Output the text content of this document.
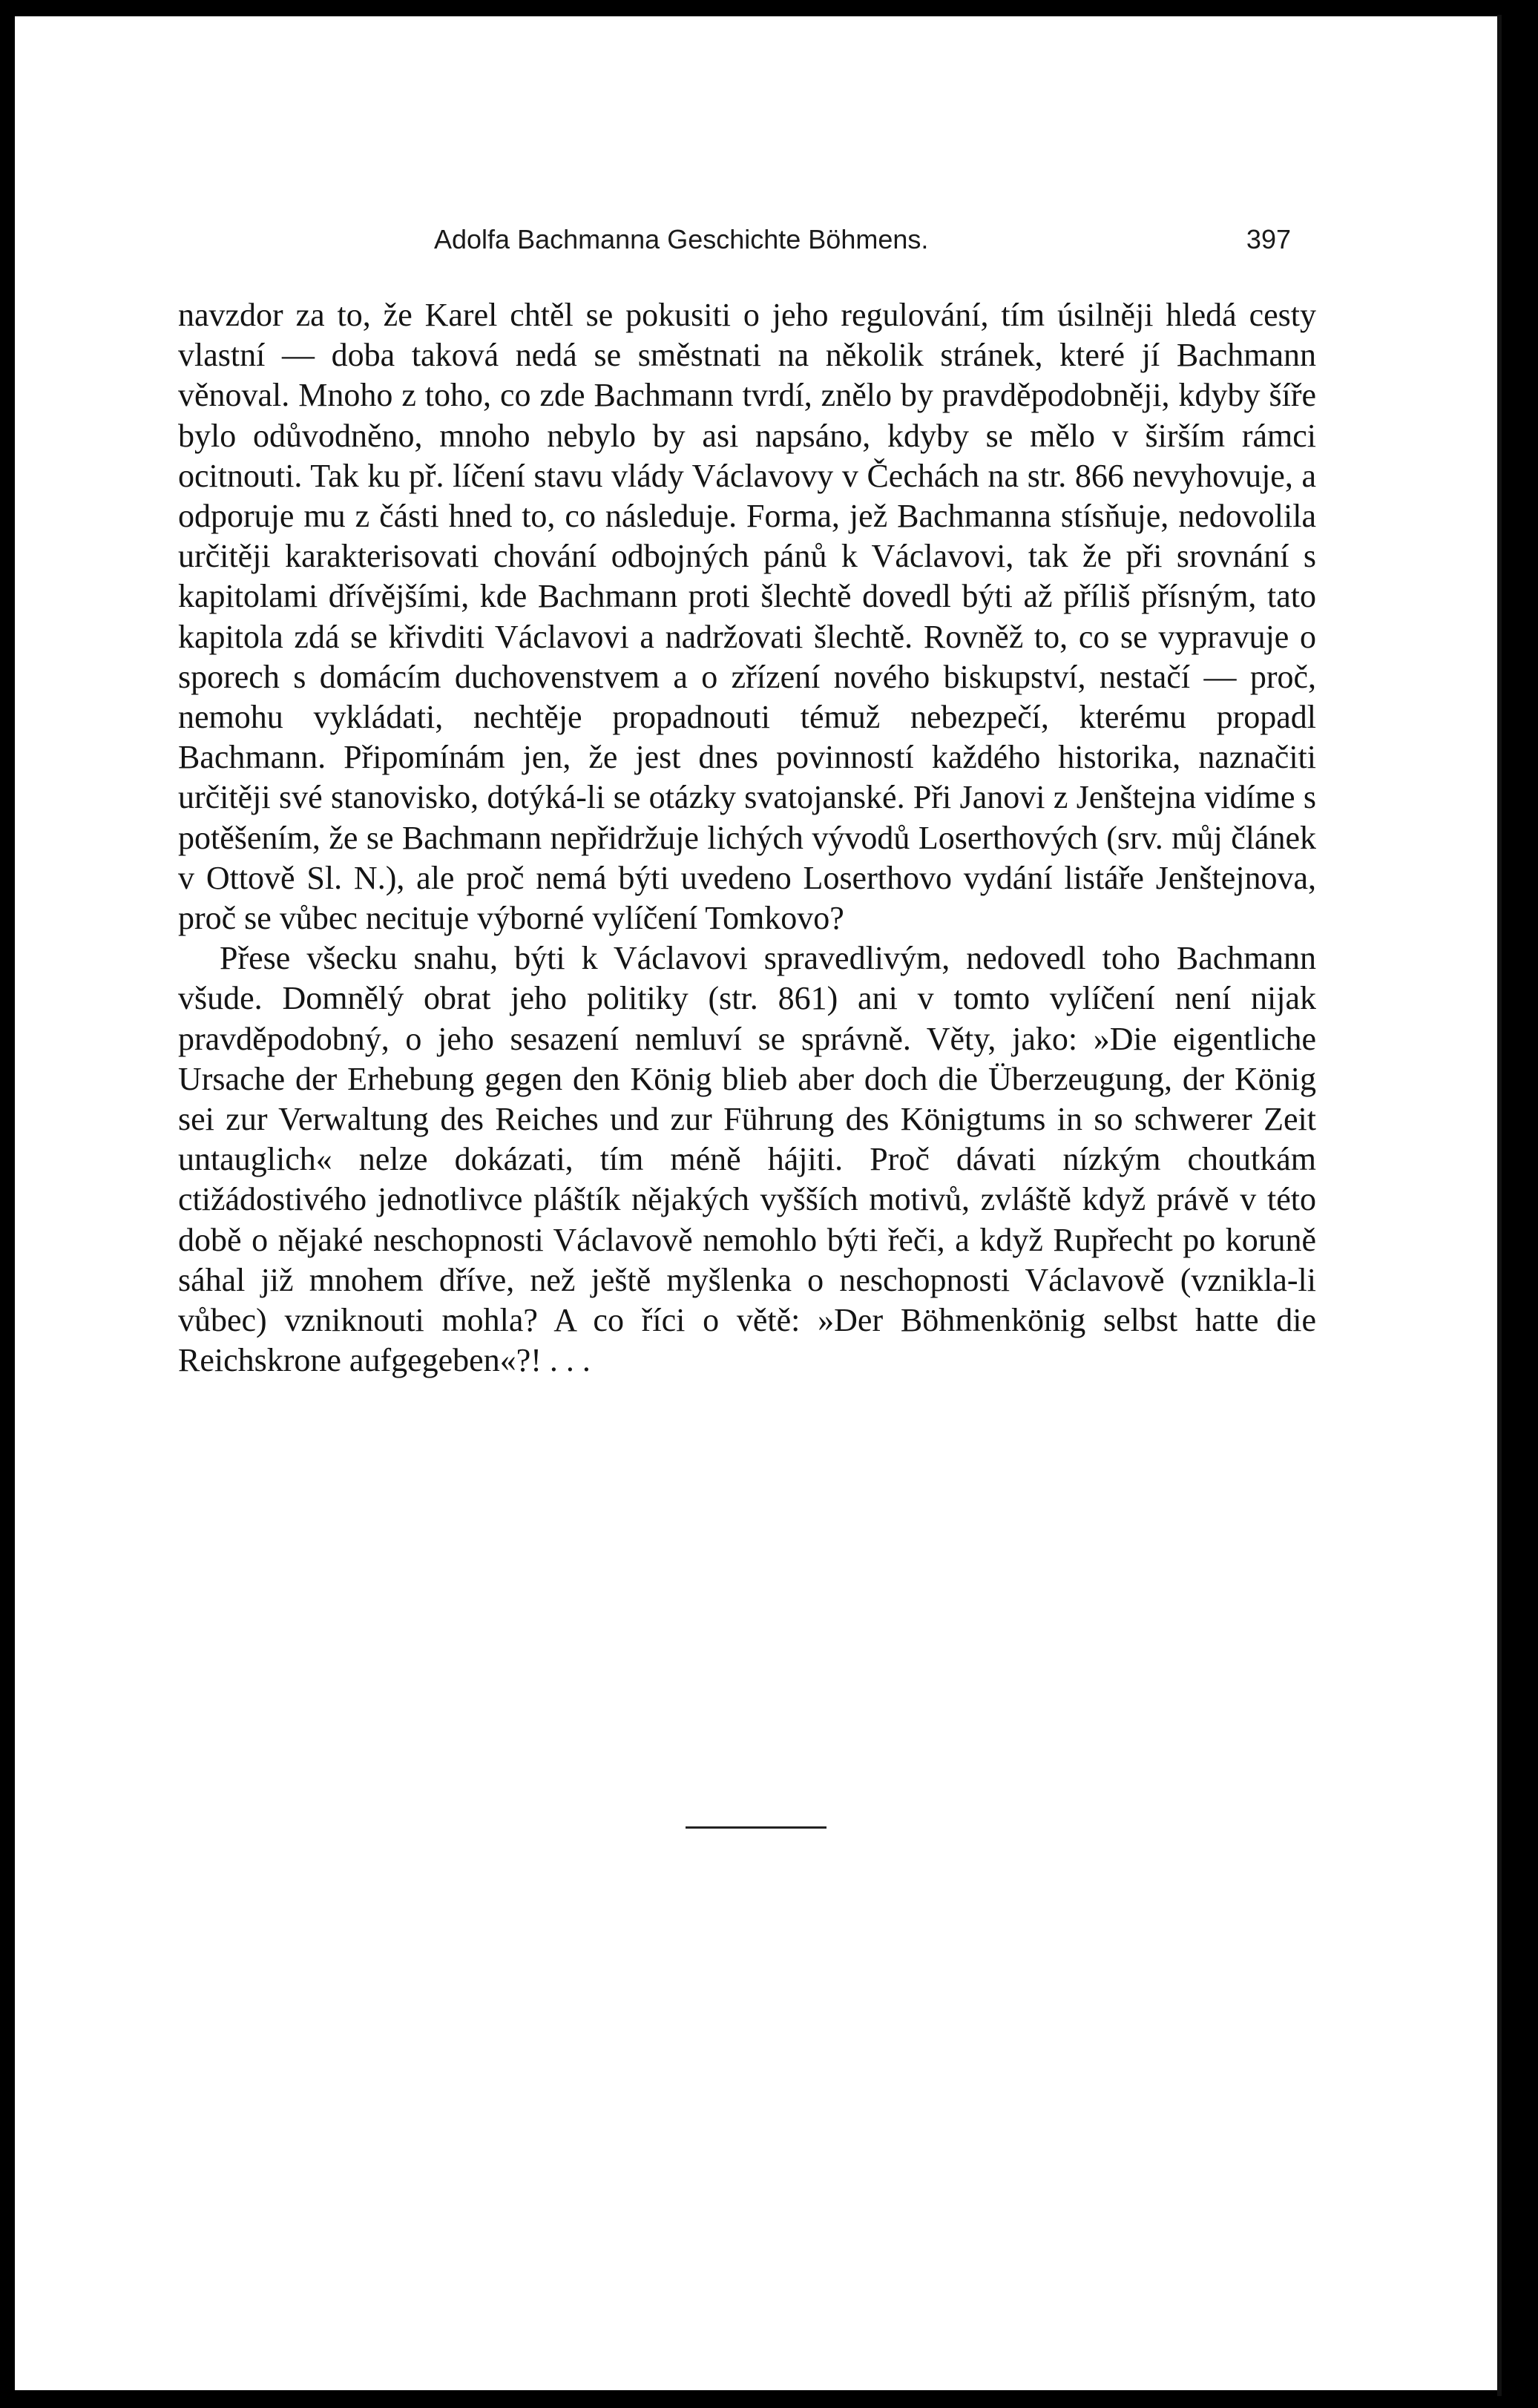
Adolfa Bachmanna Geschichte Böhmens.	397

navzdor za to, že Karel chtěl se pokusiti o jeho regulování, tím úsilněji hledá cesty vlastní — doba taková nedá se směstnati na několik stránek, které jí Bachmann věnoval. Mnoho z toho, co zde Bachmann tvrdí, znělo by pravděpodobněji, kdyby šíře bylo odůvodněno, mnoho nebylo by asi napsáno, kdyby se mělo v širším rámci ocitnouti. Tak ku př. líčení stavu vlády Václavovy v Čechách na str. 866 nevyhovuje, a odporuje mu z části hned to, co následuje. Forma, jež Bachmanna stísňuje, nedovolila určitěji karakterisovati chování odbojných pánů k Václavovi, tak že při srovnání s kapitolami dřívějšími, kde Bachmann proti šlechtě dovedl býti až příliš přísným, tato kapitola zdá se křivditi Václavovi a nadržovati šlechtě. Rovněž to, co se vypravuje o sporech s domácím duchovenstvem a o zřízení nového biskupství, nestačí — proč, nemohu vykládati, nechtěje propadnouti témuž nebezpečí, kterému propadl Bachmann. Připomínám jen, že jest dnes povinností každého historika, naznačiti určitěji své stanovisko, dotýká-li se otázky svatojanské. Při Janovi z Jenštejna vidíme s potěšením, že se Bachmann nepřidržuje lichých vývodů Loserthových (srv. můj článek v Ottově Sl. N.), ale proč nemá býti uvedeno Loserthovo vydání listáře Jenštejnova, proč se vůbec necituje výborné vylíčení Tomkovo?

Přese všecku snahu, býti k Václavovi spravedlivým, nedovedl toho Bachmann všude. Domnělý obrat jeho politiky (str. 861) ani v tomto vylíčení není nijak pravděpodobný, o jeho sesazení nemluví se správně. Věty, jako: »Die eigentliche Ursache der Erhebung gegen den König blieb aber doch die Überzeugung, der König sei zur Verwaltung des Reiches und zur Führung des Königtums in so schwerer Zeit untauglich« nelze dokázati, tím méně hájiti. Proč dávati nízkým choutkám ctižádostivého jednotlivce pláštík nějakých vyšších motivů, zvláště když právě v této době o nějaké neschopnosti Václavově nemohlo býti řeči, a když Rupřecht po koruně sáhal již mnohem dříve, než ještě myšlenka o neschopnosti Václavově (vznikla-li vůbec) vzniknouti mohla? A co říci o větě: »Der Böhmenkönig selbst hatte die Reichskrone aufgegeben«?! . . .
